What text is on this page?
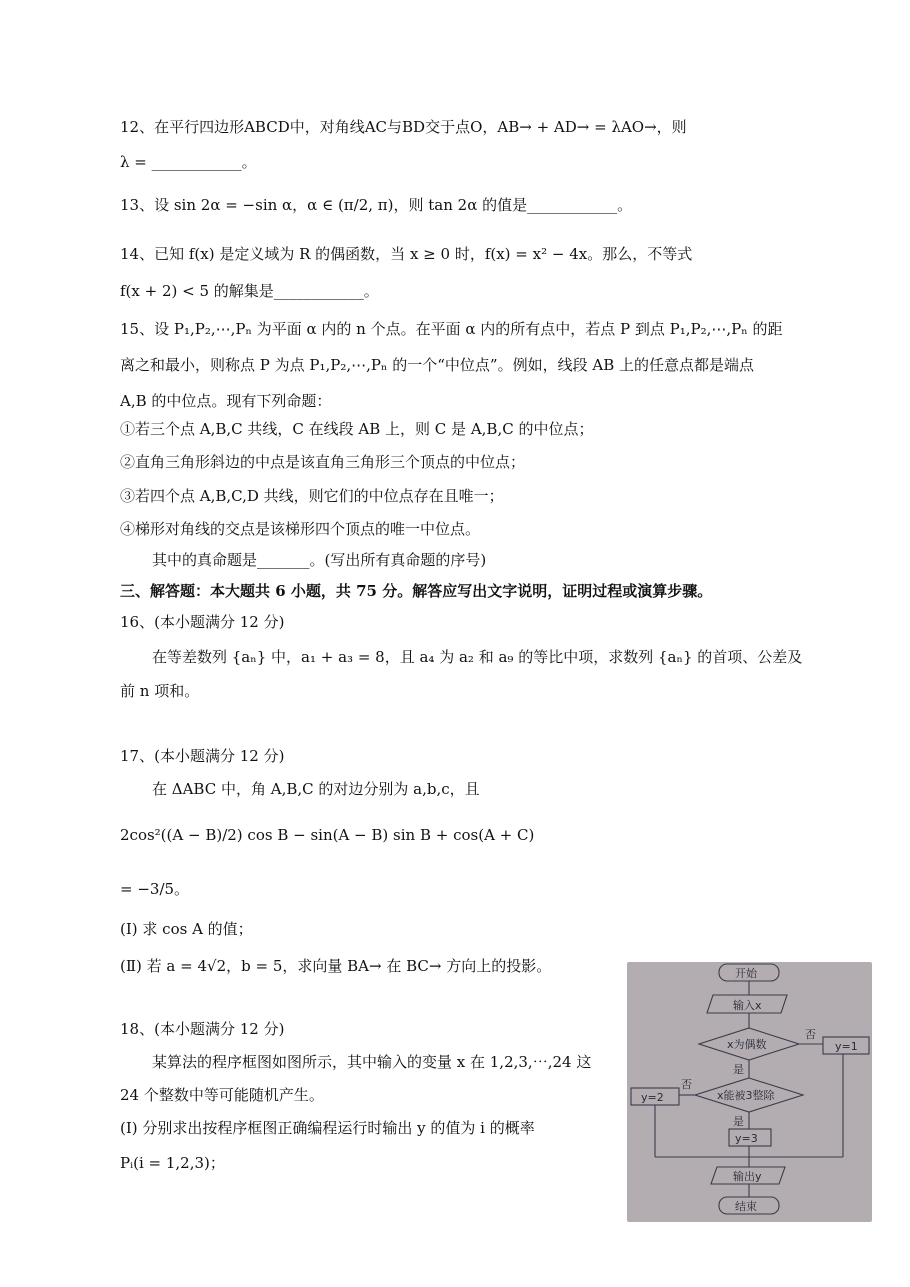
12、在平行四边形ABCD中，对角线AC与BD交于点O，AB→ + AD→ = λAO→，则
λ = ____________。
13、设 sin 2α = −sin α，α ∈ (π/2, π)，则 tan 2α 的值是____________。
14、已知 f(x) 是定义域为 R 的偶函数，当 x ≥ 0 时，f(x) = x² − 4x。那么，不等式
f(x + 2) < 5 的解集是____________。
15、设 P₁,P₂,⋯,Pₙ 为平面 α 内的 n 个点。在平面 α 内的所有点中，若点 P 到点 P₁,P₂,⋯,Pₙ 的距
离之和最小，则称点 P 为点 P₁,P₂,⋯,Pₙ 的一个“中位点”。例如，线段 AB 上的任意点都是端点
A,B 的中位点。现有下列命题：
①若三个点 A,B,C 共线，C 在线段 AB 上，则 C 是 A,B,C 的中位点；
②直角三角形斜边的中点是该直角三角形三个顶点的中位点；
③若四个点 A,B,C,D 共线，则它们的中位点存在且唯一；
④梯形对角线的交点是该梯形四个顶点的唯一中位点。
其中的真命题是_______。(写出所有真命题的序号)
三、解答题：本大题共 6 小题，共 75 分。解答应写出文字说明，证明过程或演算步骤。
16、(本小题满分 12 分)
在等差数列 {aₙ} 中，a₁ + a₃ = 8，且 a₄ 为 a₂ 和 a₉ 的等比中项，求数列 {aₙ} 的首项、公差及
前 n 项和。
17、(本小题满分 12 分)
在 ΔABC 中，角 A,B,C 的对边分别为 a,b,c，且
2cos²((A − B)/2) cos B − sin(A − B) sin B + cos(A + C)
= −3/5。
(Ⅰ) 求 cos A 的值；
(Ⅱ) 若 a = 4√2，b = 5，求向量 BA→ 在 BC→ 方向上的投影。
18、(本小题满分 12 分)
某算法的程序框图如图所示，其中输入的变量 x 在 1,2,3,⋯,24 这
24 个整数中等可能随机产生。
(Ⅰ) 分别求出按程序框图正确编程运行时输出 y 的值为 i 的概率
Pᵢ(i = 1,2,3)；
开始
输入x
x为偶数
否
y=1
是
x能被3整除
否
y=2
是
y=3
输出y
结束
